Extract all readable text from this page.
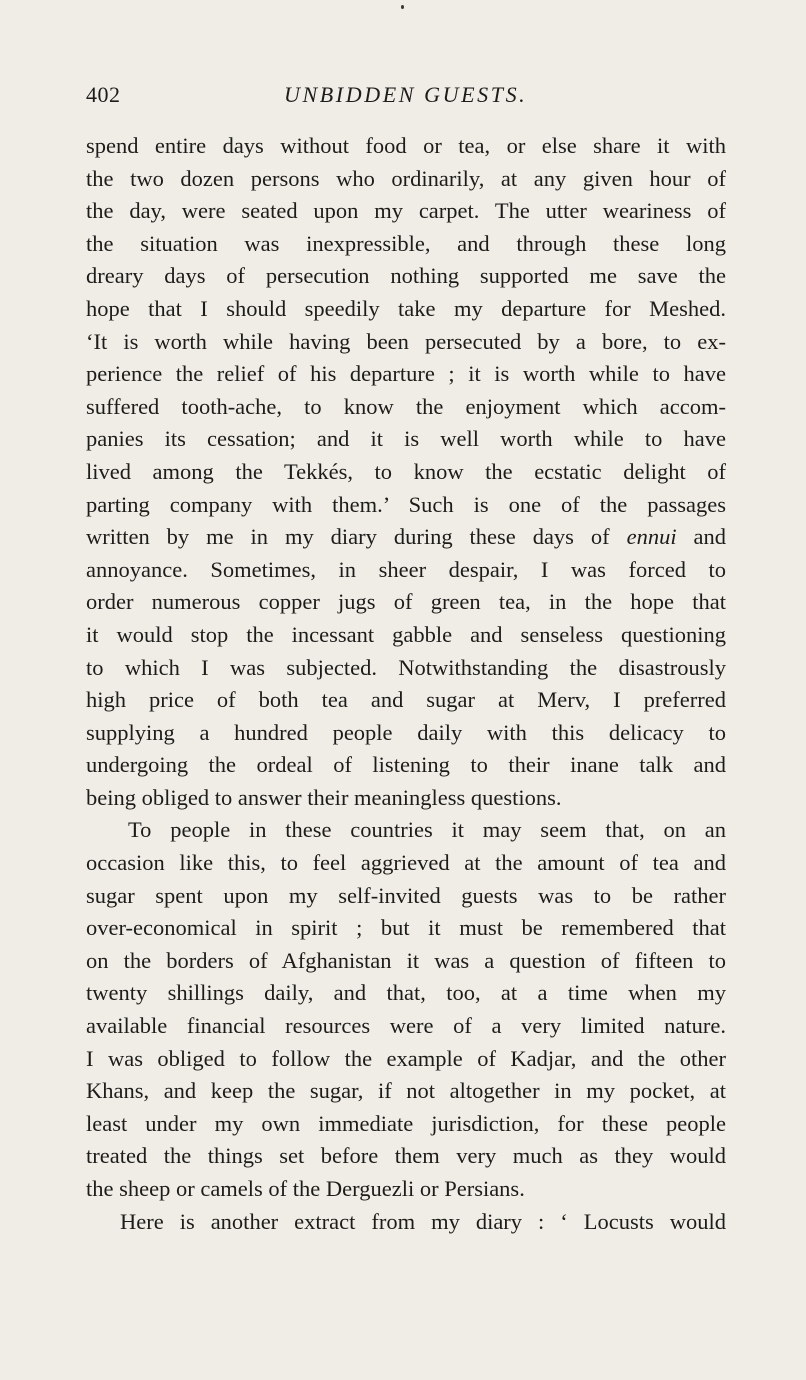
402	UNBIDDEN GUESTS.
spend entire days without food or tea, or else share it with
the two dozen persons who ordinarily, at any given hour of
the day, were seated upon my carpet. The utter weariness of
the situation was inexpressible, and through these long
dreary days of persecution nothing supported me save the
hope that I should speedily take my departure for Meshed.
‘It is worth while having been persecuted by a bore, to ex-
perience the relief of his departure ; it is worth while to have
suffered tooth-ache, to know the enjoyment which accom-
panies its cessation; and it is well worth while to have
lived among the Tekkés, to know the ecstatic delight of
parting company with them.’ Such is one of the passages
written by me in my diary during these days of ennui and
annoyance. Sometimes, in sheer despair, I was forced to
order numerous copper jugs of green tea, in the hope that
it would stop the incessant gabble and senseless questioning
to which I was subjected. Notwithstanding the disastrously
high price of both tea and sugar at Merv, I preferred
supplying a hundred people daily with this delicacy to
undergoing the ordeal of listening to their inane talk and
being obliged to answer their meaningless questions.
To people in these countries it may seem that, on an
occasion like this, to feel aggrieved at the amount of tea and
sugar spent upon my self-invited guests was to be rather
over-economical in spirit ; but it must be remembered that
on the borders of Afghanistan it was a question of fifteen to
twenty shillings daily, and that, too, at a time when my
available financial resources were of a very limited nature.
I was obliged to follow the example of Kadjar, and the other
Khans, and keep the sugar, if not altogether in my pocket, at
least under my own immediate jurisdiction, for these people
treated the things set before them very much as they would
the sheep or camels of the Derguezli or Persians.
Here is another extract from my diary : ‘ Locusts would
